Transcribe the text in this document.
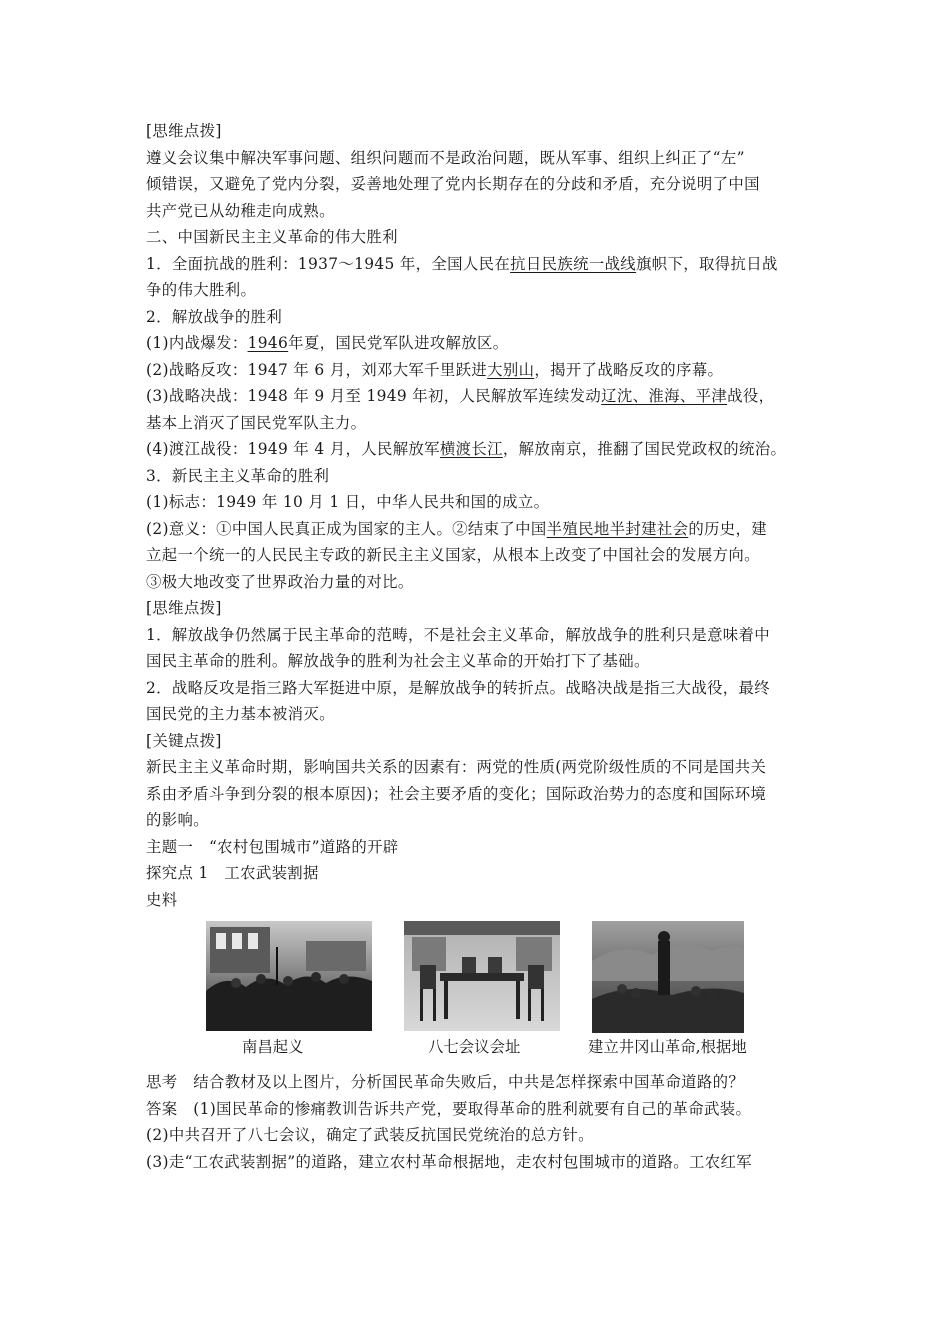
[思维点拨]
遵义会议集中解决军事问题、组织问题而不是政治问题，既从军事、组织上纠正了“左”
倾错误，又避免了党内分裂，妥善地处理了党内长期存在的分歧和矛盾，充分说明了中国
共产党已从幼稚走向成熟。
二、中国新民主主义革命的伟大胜利
1．全面抗战的胜利：1937～1945 年，全国人民在抗日民族统一战线旗帜下，取得抗日战
争的伟大胜利。
2．解放战争的胜利
(1)内战爆发：1946年夏，国民党军队进攻解放区。
(2)战略反攻：1947 年 6 月，刘邓大军千里跃进大别山，揭开了战略反攻的序幕。
(3)战略决战：1948 年 9 月至 1949 年初，人民解放军连续发动辽沈、淮海、平津战役，
基本上消灭了国民党军队主力。
(4)渡江战役：1949 年 4 月，人民解放军横渡长江，解放南京，推翻了国民党政权的统治。
3．新民主主义革命的胜利
(1)标志：1949 年 10 月 1 日，中华人民共和国的成立。
(2)意义：①中国人民真正成为国家的主人。②结束了中国半殖民地半封建社会的历史，建
立起一个统一的人民民主专政的新民主主义国家，从根本上改变了中国社会的发展方向。
③极大地改变了世界政治力量的对比。
[思维点拨]
1．解放战争仍然属于民主革命的范畴，不是社会主义革命，解放战争的胜利只是意味着中
国民主革命的胜利。解放战争的胜利为社会主义革命的开始打下了基础。
2．战略反攻是指三路大军挺进中原，是解放战争的转折点。战略决战是指三大战役，最终
国民党的主力基本被消灭。
[关键点拨]
新民主主义革命时期，影响国共关系的因素有：两党的性质(两党阶级性质的不同是国共关
系由矛盾斗争到分裂的根本原因)；社会主要矛盾的变化；国际政治势力的态度和国际环境
的影响。
主题一　“农村包围城市”道路的开辟
探究点 1　工农武装割据
史料
南昌起义	八七会议会址	建立井冈山革命,根据地
思考　结合教材及以上图片，分析国民革命失败后，中共是怎样探索中国革命道路的？
答案　(1)国民革命的惨痛教训告诉共产党，要取得革命的胜利就要有自己的革命武装。
(2)中共召开了八七会议，确定了武装反抗国民党统治的总方针。
(3)走“工农武装割据”的道路，建立农村革命根据地，走农村包围城市的道路。工农红军
